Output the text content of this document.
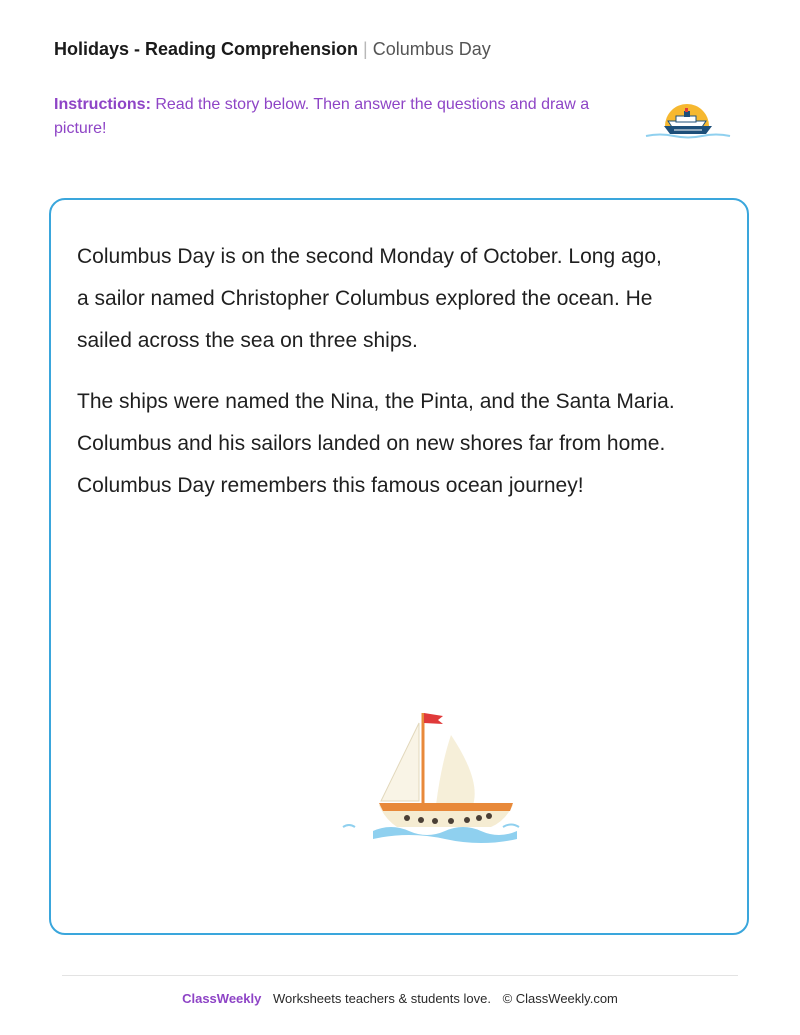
Holidays - Reading Comprehension | Columbus Day
Instructions: Read the story below. Then answer the questions and draw a picture!

Columbus Day is on the second Monday of October. Long ago, a sailor named Christopher Columbus explored the ocean. He sailed across the sea on three ships.

The ships were named the Nina, the Pinta, and the Santa Maria. Columbus and his sailors landed on new shores far from home. Columbus Day remembers this famous ocean journey!

ClassWeekly Worksheets teachers & students love. © ClassWeekly.com
